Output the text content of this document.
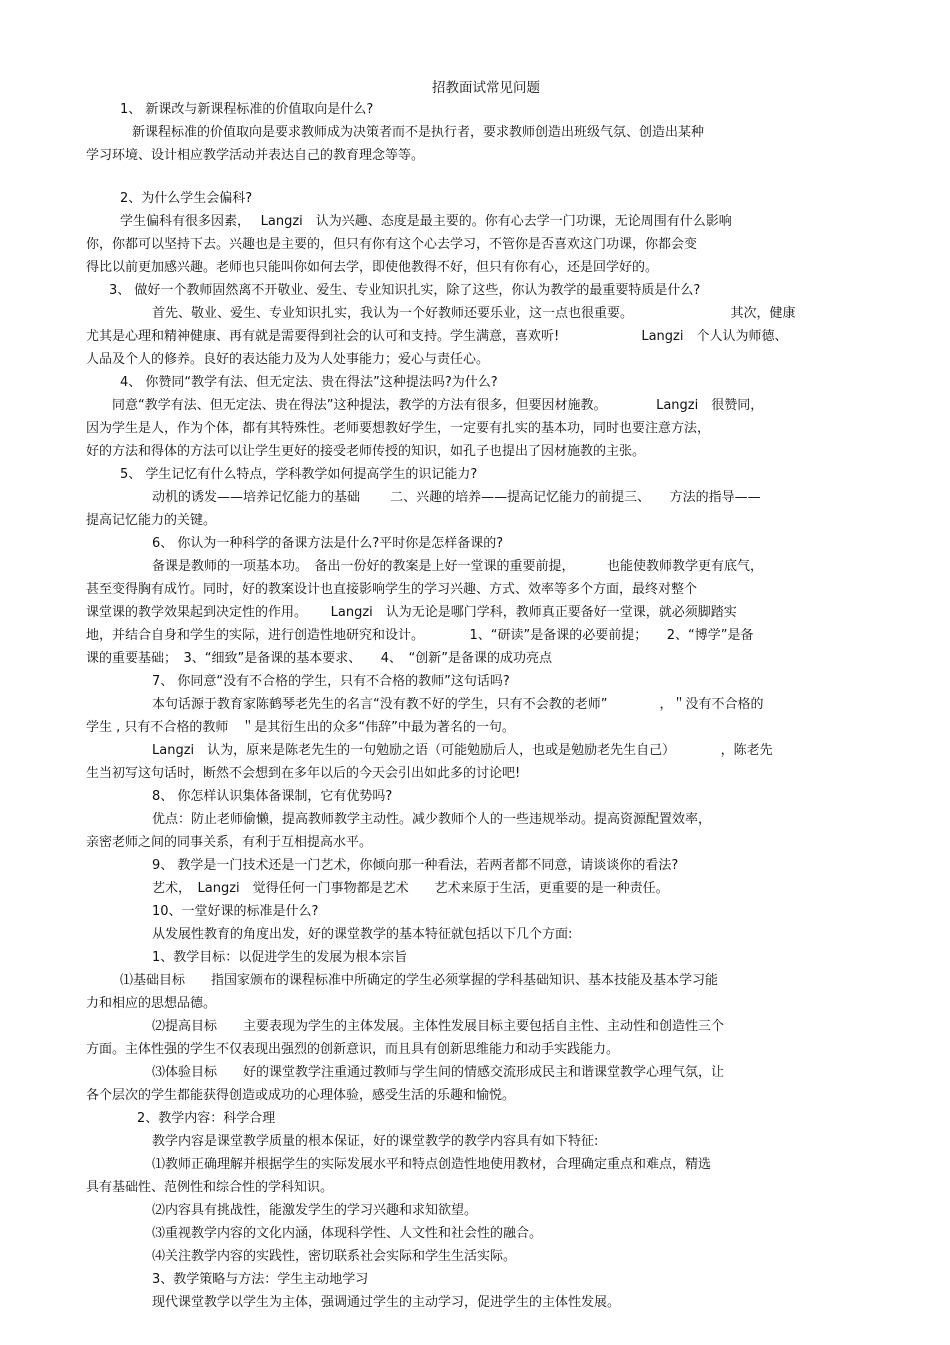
招教面试常见问题
1、 新课改与新课程标准的价值取向是什么?
新课程标准的价值取向是要求教师成为决策者而不是执行者，要求教师创造出班级气氛、创造出某种
学习环境、设计相应教学活动并表达自己的教育理念等等。
2、为什么学生会偏科?
学生偏科有很多因素，　 Langzi　认为兴趣、态度是最主要的。你有心去学一门功课，无论周围有什么影响
你，你都可以坚持下去。兴趣也是主要的，但只有你有这个心去学习，不管你是否喜欢这门功课，你都会变
得比以前更加感兴趣。老师也只能叫你如何去学，即使他教得不好，但只有你有心，还是回学好的。
3、 做好一个教师固然离不开敬业、爱生、专业知识扎实，除了这些，你认为教学的最重要特质是什么?
首先、敬业、爱生、专业知识扎实，我认为一个好教师还要乐业，这一点也很重要。　　　　　　　　其次，健康
尤其是心理和精神健康、再有就是需要得到社会的认可和支持。学生满意，喜欢听!　　　　　　 Langzi　个人认为师德、
人品及个人的修养。良好的表达能力及为人处事能力；爱心与责任心。
4、 你赞同“教学有法、但无定法、贵在得法”这种提法吗?为什么?
同意“教学有法、但无定法、贵在得法”这种提法，教学的方法有很多，但要因材施教。　　　　 Langzi　很赞同，
因为学生是人，作为个体，都有其特殊性。老师要想教好学生，一定要有扎实的基本功，同时也要注意方法，
好的方法和得体的方法可以让学生更好的接受老师传授的知识，如孔子也提出了因材施教的主张。
5、 学生记忆有什么特点，学科教学如何提高学生的识记能力?
动机的诱发——培养记忆能力的基础　　 二、兴趣的培养——提高记忆能力的前提三、　　方法的指导——
提高记忆能力的关键。
6、 你认为一种科学的备课方法是什么?平时你是怎样备课的?
备课是教师的一项基本功。　备出一份好的教案是上好一堂课的重要前提，　　　也能使教师教学更有底气，
甚至变得胸有成竹。同时，好的教案设计也直接影响学生的学习兴趣、方式、效率等多个方面，最终对整个
课堂课的教学效果起到决定性的作用。　　 Langzi　认为无论是哪门学科，教师真正要备好一堂课，就必须脚踏实
地，并结合自身和学生的实际，进行创造性地研究和设计。　　　　1、“研读”是备课的必要前提；　　2、“博学”是备
课的重要基础；　3、“细致”是备课的基本要求、　　4、　“创新”是备课的成功亮点
7、 你同意“没有不合格的学生，只有不合格的教师”这句话吗?
本句话源于教育家陈鹤琴老先生的名言“没有教不好的学生，只有不会教的老师”　　　　，＂没有不合格的
学生 , 只有不合格的教师　＂是其衍生出的众多“伟辞”中最为著名的一句。
Langzi　认为，原来是陈老先生的一句勉励之语（可能勉励后人，也或是勉励老先生自己）　　　　，陈老先
生当初写这句话时，断然不会想到在多年以后的今天会引出如此多的讨论吧!
8、 你怎样认识集体备课制，它有优势吗?
优点：防止老师偷懒，提高教师教学主动性。减少教师个人的一些违规举动。提高资源配置效率，
亲密老师之间的同事关系，有利于互相提高水平。
9、 教学是一门技术还是一门艺术，你倾向那一种看法，若两者都不同意，请谈谈你的看法?
艺术，　Langzi　觉得任何一门事物都是艺术　　艺术来原于生活，更重要的是一种责任。
10、一堂好课的标准是什么?
从发展性教育的角度出发，好的课堂教学的基本特征就包括以下几个方面:
1、教学目标：以促进学生的发展为根本宗旨
⑴基础目标　　指国家颁布的课程标准中所确定的学生必须掌握的学科基础知识、基本技能及基本学习能
力和相应的思想品德。
⑵提高目标　　主要表现为学生的主体发展。主体性发展目标主要包括自主性、主动性和创造性三个
方面。主体性强的学生不仅表现出强烈的创新意识，而且具有创新思维能力和动手实践能力。
⑶体验目标　　好的课堂教学注重通过教师与学生间的情感交流形成民主和谐课堂教学心理气氛，让
各个层次的学生都能获得创造或成功的心理体验，感受生活的乐趣和愉悦。
2、教学内容：科学合理
教学内容是课堂教学质量的根本保证，好的课堂教学的教学内容具有如下特征:
⑴教师正确理解并根据学生的实际发展水平和特点创造性地使用教材，合理确定重点和难点，精选
具有基础性、范例性和综合性的学科知识。
⑵内容具有挑战性，能激发学生的学习兴趣和求知欲望。
⑶重视教学内容的文化内涵，体现科学性、人文性和社会性的融合。
⑷关注教学内容的实践性，密切联系社会实际和学生生活实际。
3、教学策略与方法：学生主动地学习
现代课堂教学以学生为主体，强调通过学生的主动学习，促进学生的主体性发展。
